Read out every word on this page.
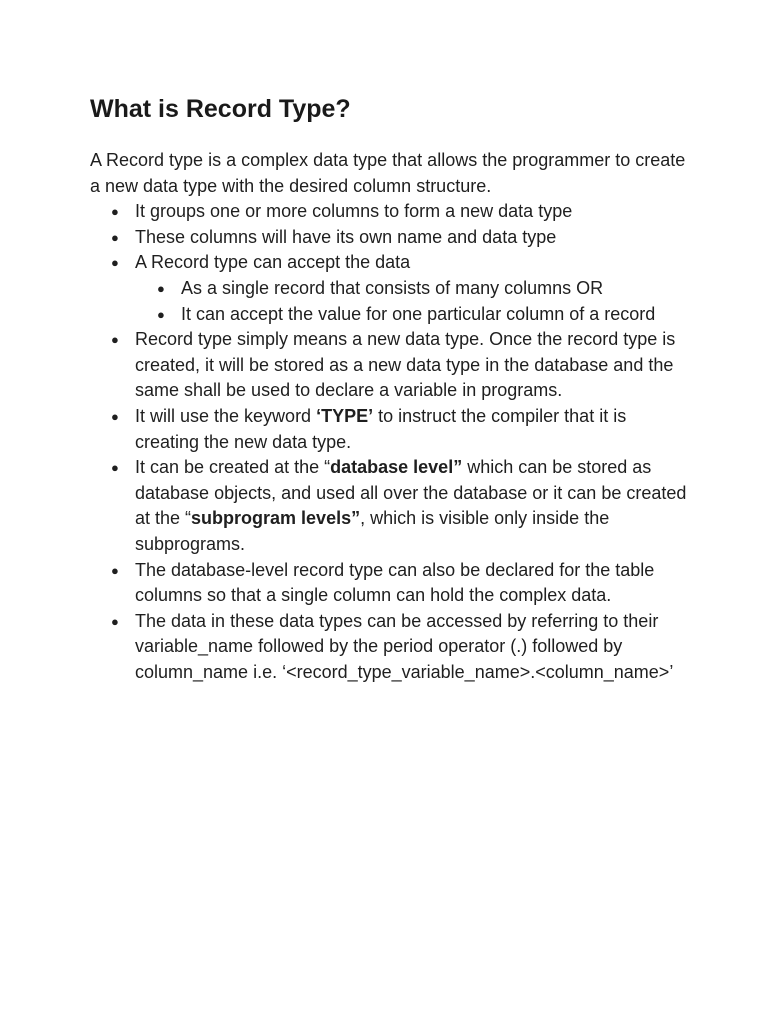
What is Record Type?

A Record type is a complex data type that allows the programmer to create a new data type with the desired column structure.

● It groups one or more columns to form a new data type
● These columns will have its own name and data type
● A Record type can accept the data
● As a single record that consists of many columns OR
● It can accept the value for one particular column of a record
● Record type simply means a new data type. Once the record type is created, it will be stored as a new data type in the database and the same shall be used to declare a variable in programs.
● It will use the keyword ‘TYPE’ to instruct the compiler that it is creating the new data type.
● It can be created at the “database level” which can be stored as database objects, and used all over the database or it can be created at the “subprogram levels”, which is visible only inside the subprograms.
● The database-level record type can also be declared for the table columns so that a single column can hold the complex data.
● The data in these data types can be accessed by referring to their variable_name followed by the period operator (.) followed by column_name i.e. ‘<record_type_variable_name>.<column_name>’
